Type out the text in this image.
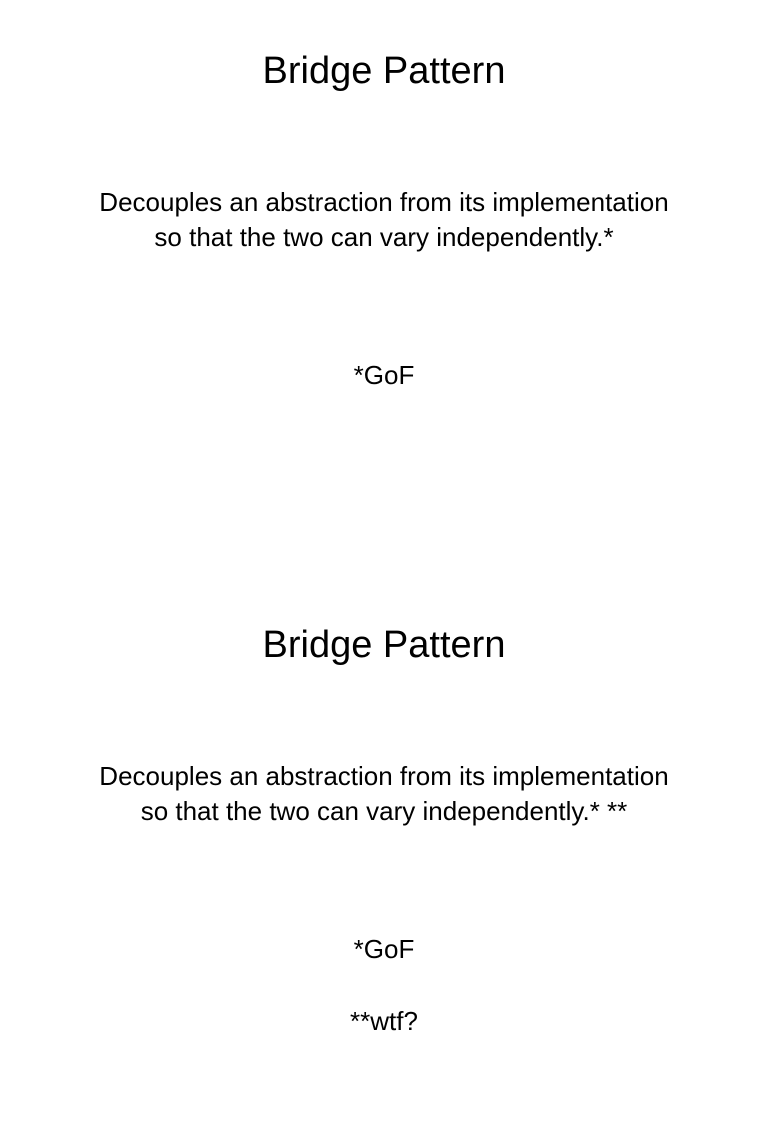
Bridge Pattern
Decouples an abstraction from its implementation
so that the two can vary independently.*
*GoF
Bridge Pattern
Decouples an abstraction from its implementation
so that the two can vary independently.* **
*GoF
**wtf?
